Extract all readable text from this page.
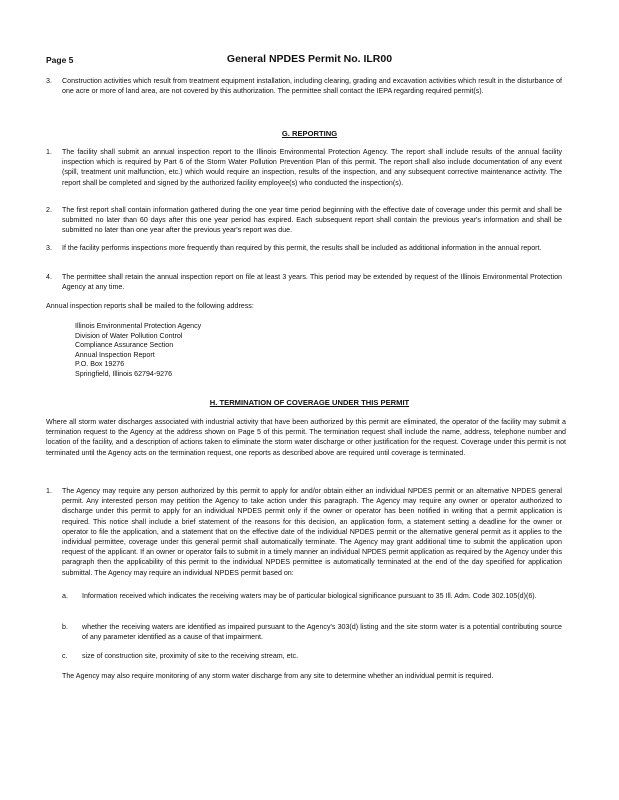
Page 5	General NPDES Permit No. ILR00
3. Construction activities which result from treatment equipment installation, including clearing, grading and excavation activities which result in the disturbance of one acre or more of land area, are not covered by this authorization. The permittee shall contact the IEPA regarding required permit(s).
G. REPORTING
1. The facility shall submit an annual inspection report to the Illinois Environmental Protection Agency. The report shall include results of the annual facility inspection which is required by Part 6 of the Storm Water Pollution Prevention Plan of this permit. The report shall also include documentation of any event (spill, treatment unit malfunction, etc.) which would require an inspection, results of the inspection, and any subsequent corrective maintenance activity. The report shall be completed and signed by the authorized facility employee(s) who conducted the inspection(s).
2. The first report shall contain information gathered during the one year time period beginning with the effective date of coverage under this permit and shall be submitted no later than 60 days after this one year period has expired. Each subsequent report shall contain the previous year's information and shall be submitted no later than one year after the previous year's report was due.
3. If the facility performs inspections more frequently than required by this permit, the results shall be included as additional information in the annual report.
4. The permittee shall retain the annual inspection report on file at least 3 years. This period may be extended by request of the Illinois Environmental Protection Agency at any time.
Annual inspection reports shall be mailed to the following address:
Illinois Environmental Protection Agency
Division of Water Pollution Control
Compliance Assurance Section
Annual Inspection Report
P.O. Box 19276
Springfield, Illinois 62794-9276
H. TERMINATION OF COVERAGE UNDER THIS PERMIT
Where all storm water discharges associated with industrial activity that have been authorized by this permit are eliminated, the operator of the facility may submit a termination request to the Agency at the address shown on Page 5 of this permit. The termination request shall include the name, address, telephone number and location of the facility, and a description of actions taken to eliminate the storm water discharge or other justification for the request. Coverage under this permit is not terminated until the Agency acts on the termination request, one reports as described above are required until coverage is terminated.
1. The Agency may require any person authorized by this permit to apply for and/or obtain either an individual NPDES permit or an alternative NPDES general permit. Any interested person may petition the Agency to take action under this paragraph. The Agency may require any owner or operator authorized to discharge under this permit to apply for an individual NPDES permit only if the owner or operator has been notified in writing that a permit application is required. This notice shall include a brief statement of the reasons for this decision, an application form, a statement setting a deadline for the owner or operator to file the application, and a statement that on the effective date of the individual NPDES permit or the alternative general permit as it applies to the individual permittee, coverage under this general permit shall automatically terminate. The Agency may grant additional time to submit the application upon request of the applicant. If an owner or operator fails to submit in a timely manner an individual NPDES permit application as required by the Agency under this paragraph then the applicability of this permit to the individual NPDES permittee is automatically terminated at the end of the day specified for application submittal. The Agency may require an individual NPDES permit based on:
a. Information received which indicates the receiving waters may be of particular biological significance pursuant to 35 Ill. Adm. Code 302.105(d)(6).
b. whether the receiving waters are identified as impaired pursuant to the Agency's 303(d) listing and the site storm water is a potential contributing source of any parameter identified as a cause of that impairment.
c. size of construction site, proximity of site to the receiving stream, etc.
The Agency may also require monitoring of any storm water discharge from any site to determine whether an individual permit is required.
